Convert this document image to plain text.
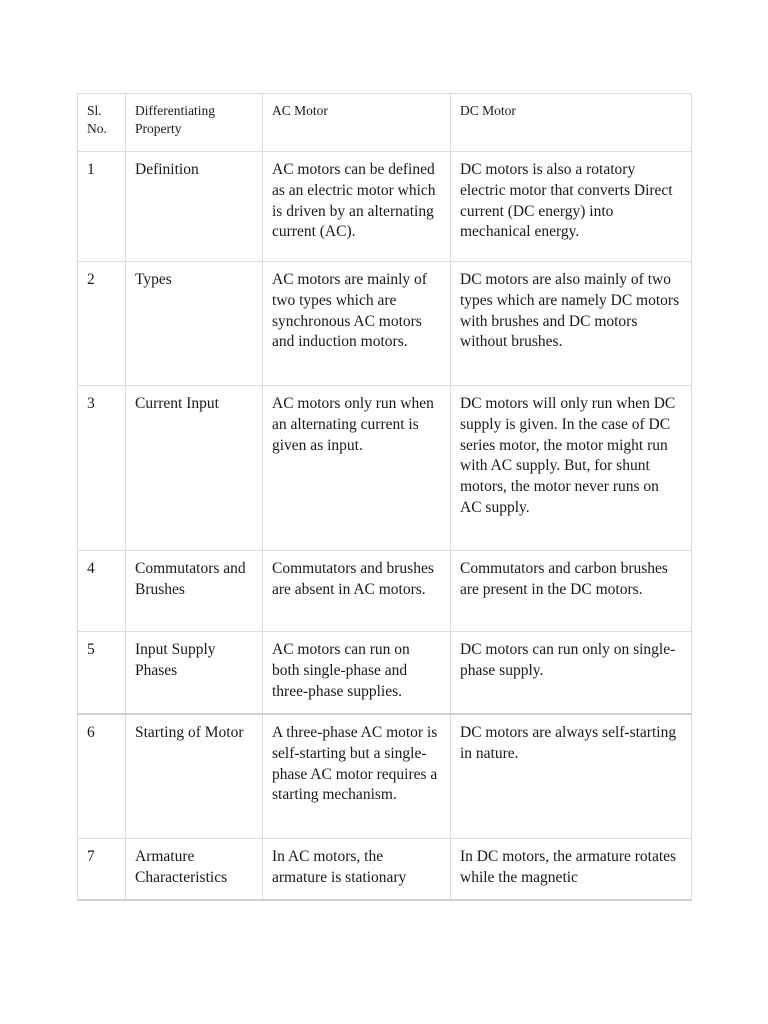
Sl. No.	Differentiating Property	AC Motor	DC Motor
1	Definition	AC motors can be defined as an electric motor which is driven by an alternating current (AC).	DC motors is also a rotatory electric motor that converts Direct current (DC energy) into mechanical energy.
2	Types	AC motors are mainly of two types which are synchronous AC motors and induction motors.	DC motors are also mainly of two types which are namely DC motors with brushes and DC motors without brushes.
3	Current Input	AC motors only run when an alternating current is given as input.	DC motors will only run when DC supply is given. In the case of DC series motor, the motor might run with AC supply. But, for shunt motors, the motor never runs on AC supply.
4	Commutators and Brushes	Commutators and brushes are absent in AC motors.	Commutators and carbon brushes are present in the DC motors.
5	Input Supply Phases	AC motors can run on both single-phase and three-phase supplies.	DC motors can run only on single-phase supply.
6	Starting of Motor	A three-phase AC motor is self-starting but a single-phase AC motor requires a starting mechanism.	DC motors are always self-starting in nature.
7	Armature Characteristics	In AC motors, the armature is stationary	In DC motors, the armature rotates while the magnetic
